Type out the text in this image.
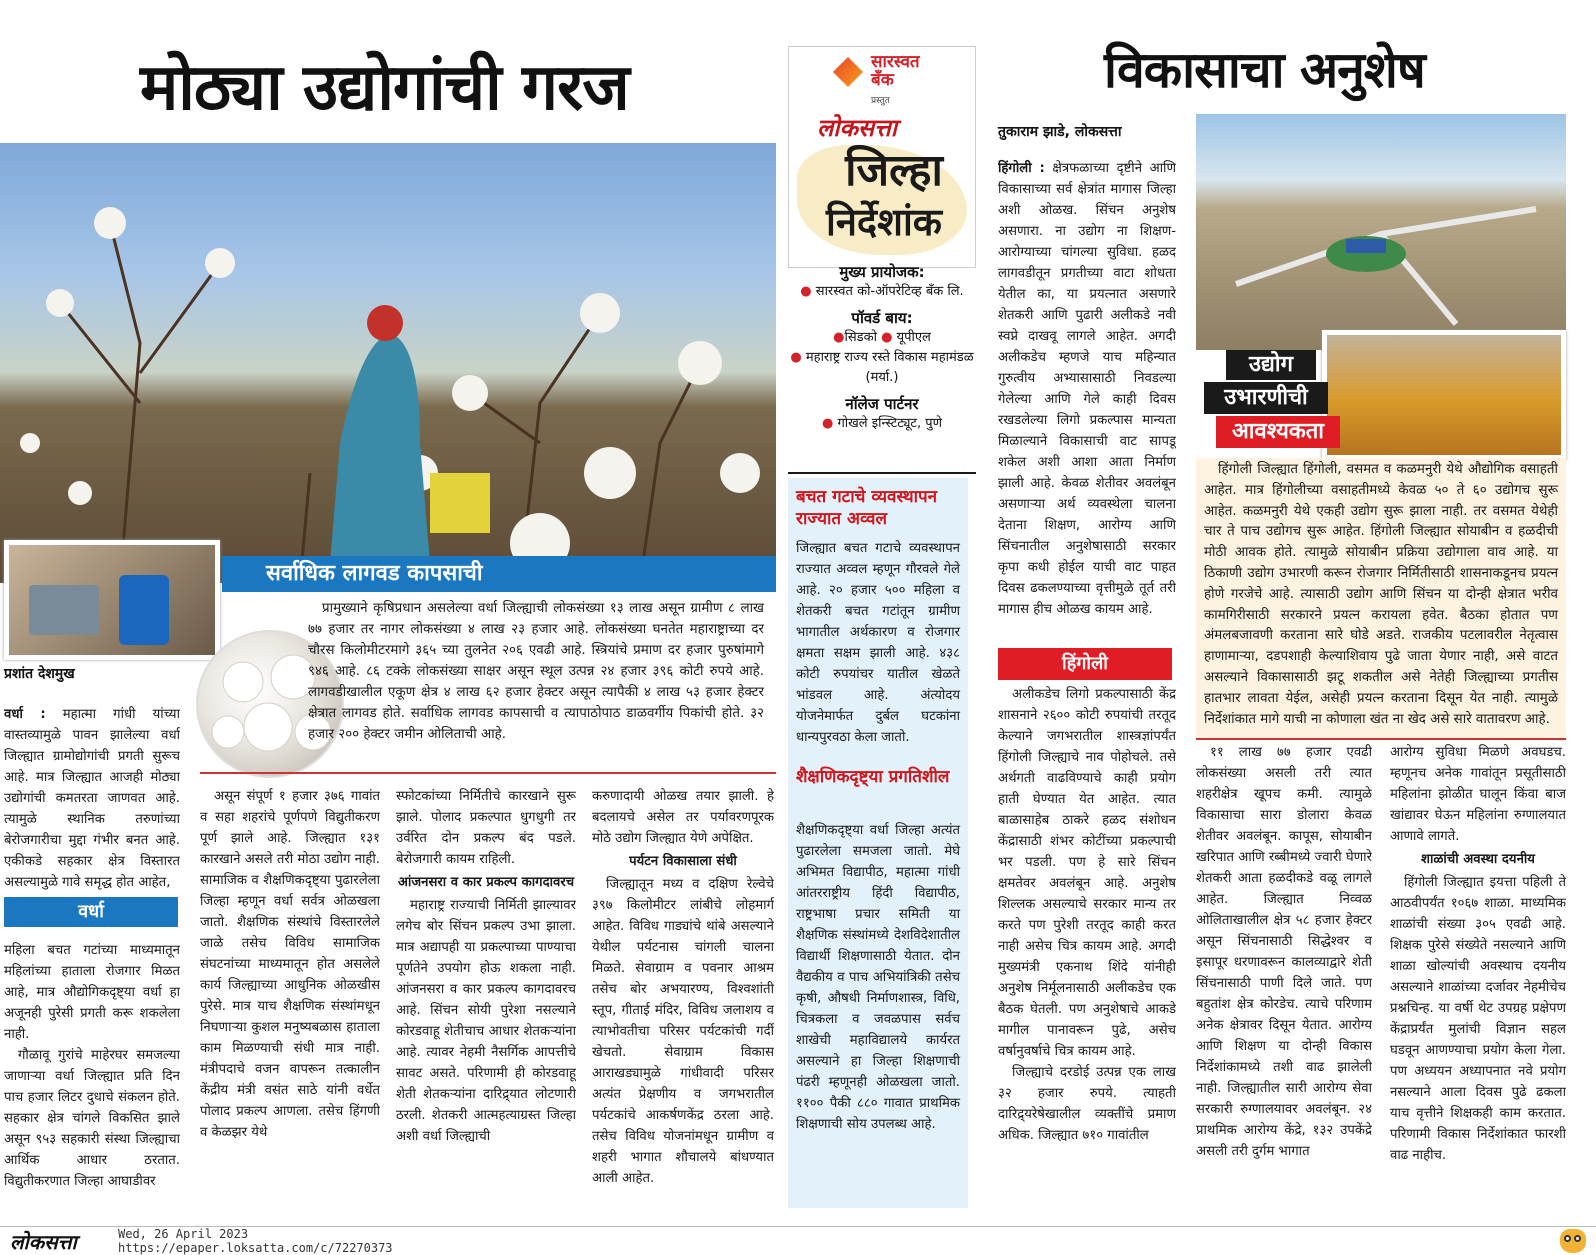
मोठ्या उद्योगांची गरज
सर्वाधिक लागवड कापसाची

प्रामुख्याने कृषिप्रधान असलेल्या वर्धा जिल्ह्याची लोकसंख्या १३ लाख असून ग्रामीण ८ लाख ७७ हजार तर नागर लोकसंख्या ४ लाख २३ हजार आहे. लोकसंख्या घनतेत महाराष्ट्राच्या दर चौरस किलोमीटरमागे ३६५ च्या तुलनेत २०६ एवढी आहे. स्त्रियांचे प्रमाण दर हजार पुरुषांमागे ९४६ आहे. ८६ टक्के लोकसंख्या साक्षर असून स्थूल उत्पन्न २४ हजार ३९६ कोटी रुपये आहे. लागवडीखालील एकूण क्षेत्र ४ लाख ६२ हजार हेक्टर असून त्यापैकी ४ लाख ५३ हजार हेक्टर क्षेत्रात लागवड होते. सर्वाधिक लागवड कापसाची व त्यापाठोपाठ डाळवर्गीय पिकांची होते. ३२ हजार २०० हेक्टर जमीन ओलिताची आहे.

प्रशांत देशमुख

वर्धा : महात्मा गांधी यांच्या वास्तव्यामुळे पावन झालेल्या वर्धा जिल्ह्यात ग्रामोद्योगांची प्रगती सुरूच आहे. मात्र जिल्ह्यात आजही मोठ्या उद्योगांची कमतरता जाणवत आहे. त्यामुळे स्थानिक तरुणांच्या बेरोजगारीचा मुद्दा गंभीर बनत आहे. एकीकडे सहकार क्षेत्र विस्तारत असल्यामुळे गावे समृद्ध होत आहेत,

वर्धा

महिला बचत गटांच्या माध्यमातून महिलांच्या हाताला रोजगार मिळत आहे, मात्र औद्योगिकदृष्ट्या वर्धा हा अजूनही पुरेसी प्रगती करू शकलेला नाही.

गौळावू गुरांचे माहेरघर समजल्या जाणाऱ्या वर्धा जिल्ह्यात प्रति दिन पाच हजार लिटर दुधाचे संकलन होते. सहकार क्षेत्र चांगले विकसित झाले असून ९५३ सहकारी संस्था जिल्ह्याचा आर्थिक आधार ठरतात. विद्युतीकरणात जिल्हा आघाडीवर

असून संपूर्ण १ हजार ३७६ गावांत व सहा शहरांचे पूर्णपणे विद्युतीकरण पूर्ण झाले आहे. जिल्ह्यात १३१ कारखाने असले तरी मोठा उद्योग नाही. सामाजिक व शैक्षणिकदृष्ट्या पुढारलेला जिल्हा म्हणून वर्धा सर्वत्र ओळखला जातो. शैक्षणिक संस्थांचे विस्तारलेले जाळे तसेच विविध सामाजिक संघटनांच्या माध्यमातून होत असलेले कार्य जिल्ह्याच्या आधुनिक ओळखीस पुरेसे. मात्र याच शैक्षणिक संस्थांमधून निघणाऱ्या कुशल मनुष्यबळास हाताला काम मिळण्याची संधी मात्र नाही. मंत्रीपदाचे वजन वापरून तत्कालीन केंद्रीय मंत्री वसंत साठे यांनी वर्धेत पोलाद प्रकल्प आणला. तसेच हिंगणी व केळझर येथे

स्फोटकांच्या निर्मितीचे कारखाने सुरू झाले. पोलाद प्रकल्पात धुगधुगी तर उर्वरित दोन प्रकल्प बंद पडले. बेरोजगारी कायम राहिली.

आंजनसरा व कार प्रकल्प कागदावरच

महाराष्ट्र राज्याची निर्मिती झाल्यावर लगेच बोर सिंचन प्रकल्प उभा झाला. मात्र अद्यापही या प्रकल्पाच्या पाण्याचा पूर्णतेने उपयोग होऊ शकला नाही. आंजनसरा व कार प्रकल्प कागदावरच आहे. सिंचन सोयी पुरेशा नसल्याने कोरडवाहू शेतीचाच आधार शेतकऱ्यांना आहे. त्यावर नेहमी नैसर्गिक आपत्तीचे सावट असते. परिणामी ही कोरडवाहू शेती शेतकऱ्यांना दारिद्र्यात लोटणारी ठरली. शेतकरी आत्महत्याग्रस्त जिल्हा अशी वर्धा जिल्ह्याची

करुणादायी ओळख तयार झाली. हे बदलायचे असेल तर पर्यावरणपूरक मोठे उद्योग जिल्ह्यात येणे अपेक्षित.

पर्यटन विकासाला संधी

जिल्ह्यातून मध्य व दक्षिण रेल्वेचे ३९७ किलोमीटर लांबीचे लोहमार्ग आहेत. विविध गाड्यांचे थांबे असल्याने येथील पर्यटनास चांगली चालना मिळते. सेवाग्राम व पवनार आश्रम तसेच बोर अभयारण्य, विश्वशांती स्तूप, गीताई मंदिर, विविध जलाशय व त्याभोवतीचा परिसर पर्यटकांची गर्दी खेचतो. सेवाग्राम विकास आराखड्यामुळे गांधीवादी परिसर अत्यंत प्रेक्षणीय व जगभरातील पर्यटकांचे आकर्षणकेंद्र ठरला आहे. तसेच विविध योजनांमधून ग्रामीण व शहरी भागात शौचालये बांधण्यात आली आहेत.

सारस्वत बँक
प्रस्तुत
लोकसत्ता
जिल्हा
निर्देशांक
मुख्य प्रायोजक:
● सारस्वत को-ऑपरेटिव्ह बँक लि.
पॉवर्ड बाय:
●सिडको ● यूपीएल
● महाराष्ट्र राज्य रस्ते विकास महामंडळ (मर्या.)
नॉलेज पार्टनर
● गोखले इन्स्टिट्यूट, पुणे
बचत गटाचे व्यवस्थापन राज्यात अव्वल
जिल्ह्यात बचत गटाचे व्यवस्थापन राज्यात अव्वल म्हणून गौरवले गेले आहे. २० हजार ५०० महिला व शेतकरी बचत गटांतून ग्रामीण भागातील अर्थकारण व रोजगार क्षमता सक्षम झाली आहे. ४३८ कोटी रुपयांचर यातील खेळते भांडवल आहे. अंत्योदय योजनेमार्फत दुर्बल घटकांना धान्यपुरवठा केला जातो.
शैक्षणिकदृष्ट्या प्रगतिशील
शैक्षणिकदृष्ट्या वर्धा जिल्हा अत्यंत पुढारलेला समजला जातो. मेघे अभिमत विद्यापीठ, महात्मा गांधी आंतरराष्ट्रीय हिंदी विद्यापीठ, राष्ट्रभाषा प्रचार समिती या शैक्षणिक संस्थांमध्ये देशविदेशातील विद्यार्थी शिक्षणासाठी येतात. दोन वैद्यकीय व पाच अभियांत्रिकी तसेच कृषी, औषधी निर्माणशास्त्र, विधि, चित्रकला व जवळपास सर्वच शाखेची महाविद्यालये कार्यरत असल्याने हा जिल्हा शिक्षणाची पंढरी म्हणूनही ओळखला जातो. ११०० पैकी ८८० गावात प्राथमिक शिक्षणाची सोय उपलब्ध आहे.
विकासाचा अनुशेष
तुकाराम झाडे, लोकसत्ता

हिंगोली : क्षेत्रफळाच्या दृष्टीने आणि विकासाच्या सर्व क्षेत्रांत मागास जिल्हा अशी ओळख. सिंचन अनुशेष असणारा. ना उद्योग ना शिक्षण-आरोग्याच्या चांगल्या सुविधा. हळद लागवडीतून प्रगतीच्या वाटा शोधता येतील का, या प्रयत्नात असणारे शेतकरी आणि पुढारी अलीकडे नवी स्वप्ने दाखवू लागले आहेत. अगदी अलीकडेच म्हणजे याच महिन्यात गुरुत्वीय अभ्यासासाठी निवडल्या गेलेल्या आणि गेले काही दिवस रखडलेल्या लिगो प्रकल्पास मान्यता मिळाल्याने विकासाची वाट सापडू शकेल अशी आशा आता निर्माण झाली आहे. केवळ शेतीवर अवलंबून असणाऱ्या अर्थ व्यवस्थेला चालना देताना शिक्षण, आरोग्य आणि सिंचनातील अनुशेषासाठी सरकार कृपा कधी होईल याची वाट पाहत दिवस ढकलण्याच्या वृत्तीमुळे तूर्त तरी मागास हीच ओळख कायम आहे.

हिंगोली

अलीकडेच लिगो प्रकल्पासाठी केंद्र शासनाने २६०० कोटी रुपयांची तरतूद केल्याने जगभरातील शास्त्रज्ञांपर्यंत हिंगोली जिल्ह्याचे नाव पोहोचले. तसे अर्थगती वाढविण्याचे काही प्रयोग हाती घेण्यात येत आहेत. त्यात बाळासाहेब ठाकरे हळद संशोधन केंद्रासाठी शंभर कोटींच्या प्रकल्पाची भर पडली. पण हे सारे सिंचन क्षमतेवर अवलंबून आहे. अनुशेष शिल्लक असल्याचे सरकार मान्य तर करते पण पुरेशी तरतूद काही करत नाही असेच चित्र कायम आहे. अगदी मुख्यमंत्री एकनाथ शिंदे यांनीही अनुशेष निर्मूलनासाठी अलीकडेच एक बैठक घेतली. पण अनुशेषाचे आकडे मागील पानावरून पुढे, असेच वर्षानुवर्षाचे चित्र कायम आहे.

जिल्ह्याचे दरडोई उत्पन्न एक लाख ३२ हजार रुपये. त्याहती दारिद्र्यरेषेखालील व्यक्तींचे प्रमाण अधिक. जिल्ह्यात ७१० गावांतील

उद्योग
उभारणीची
आवश्यकता
हिंगोली जिल्ह्यात हिंगोली, वसमत व कळमनुरी येथे औद्योगिक वसाहती आहेत. मात्र हिंगोलीच्या वसाहतीमध्ये केवळ ५० ते ६० उद्योगच सुरू आहेत. कळमनुरी येथे एकही उद्योग सुरू झाला नाही. तर वसमत येथेही चार ते पाच उद्योगच सुरू आहेत. हिंगोली जिल्ह्यात सोयाबीन व हळदीची मोठी आवक होते. त्यामुळे सोयाबीन प्रक्रिया उद्योगाला वाव आहे. या ठिकाणी उद्योग उभारणी करून रोजगार निर्मितीसाठी शासनाकडूनच प्रयत्न होणे गरजेचे आहे. त्यासाठी उद्योग आणि सिंचन या दोन्ही क्षेत्रात भरीव कामगिरीसाठी सरकारने प्रयत्न करायला हवेत. बैठका होतात पण अंमलबजावणी करताना सारे घोडे अडते. राजकीय पटलावरील नेतृत्वास हाणामाऱ्या, दडपशाही केल्याशिवाय पुढे जाता येणार नाही, असे वाटत असल्याने विकासासाठी झटू शकतील असे नेतेही जिल्ह्याच्या प्रगतीस हातभार लावता येईल, असेही प्रयत्न करताना दिसून येत नाही. त्यामुळे निर्देशांकात मागे याची ना कोणाला खंत ना खेद असे सारे वातावरण आहे.

११ लाख ७७ हजार एवढी लोकसंख्या असली तरी त्यात शहरीक्षेत्र खूपच कमी. त्यामुळे विकासाचा सारा डोलारा केवळ शेतीवर अवलंबून. कापूस, सोयाबीन खरिपात आणि रब्बीमध्ये ज्वारी घेणारे शेतकरी आता हळदीकडे वळू लागले आहेत. जिल्ह्यात निव्वळ ओलिताखालील क्षेत्र ५८ हजार हेक्टर असून सिंचनासाठी सिद्धेश्वर व इसापूर धरणावरून कालव्याद्वारे शेती सिंचनासाठी पाणी दिले जाते. पण बहुतांश क्षेत्र कोरडेच. त्याचे परिणाम अनेक क्षेत्रावर दिसून येतात. आरोग्य आणि शिक्षण या दोन्ही विकास निर्देशांकामध्ये तशी वाढ झालेली नाही. जिल्ह्यातील सारी आरोग्य सेवा सरकारी रुग्णालयावर अवलंबून. २४ प्राथमिक आरोग्य केंद्रे, १३२ उपकेंद्रे असली तरी दुर्गम भागात

आरोग्य सुविधा मिळणे अवघडच. म्हणूनच अनेक गावांतून प्रसूतीसाठी महिलांना झोळीत घालून किंवा बाज खांद्यावर घेऊन महिलांना रुग्णालयात आणावे लागते.

शाळांची अवस्था दयनीय

हिंगोली जिल्ह्यात इयत्ता पहिली ते आठवीपर्यंत १०६७ शाळा. माध्यमिक शाळांची संख्या ३०५ एवढी आहे. शिक्षक पुरेसे संख्येते नसल्याने आणि शाळा खोल्यांची अवस्थाच दयनीय असल्याने शाळांच्या दर्जावर नेहमीचेच प्रश्नचिन्ह. या वर्षी थेट उपग्रह प्रक्षेपण केंद्राप्रर्यंत मुलांची विज्ञान सहल घडवून आणण्याचा प्रयोग केला गेला. पण अध्ययन अध्यापनात नवे प्रयोग नसल्याने आला दिवस पुढे ढकला याच वृत्तीने शिक्षकही काम करतात. परिणामी विकास निर्देशांकात फारशी वाढ नाहीच.

लोकसत्ता	Wed, 26 April 2023
https://epaper.loksatta.com/c/72270373
